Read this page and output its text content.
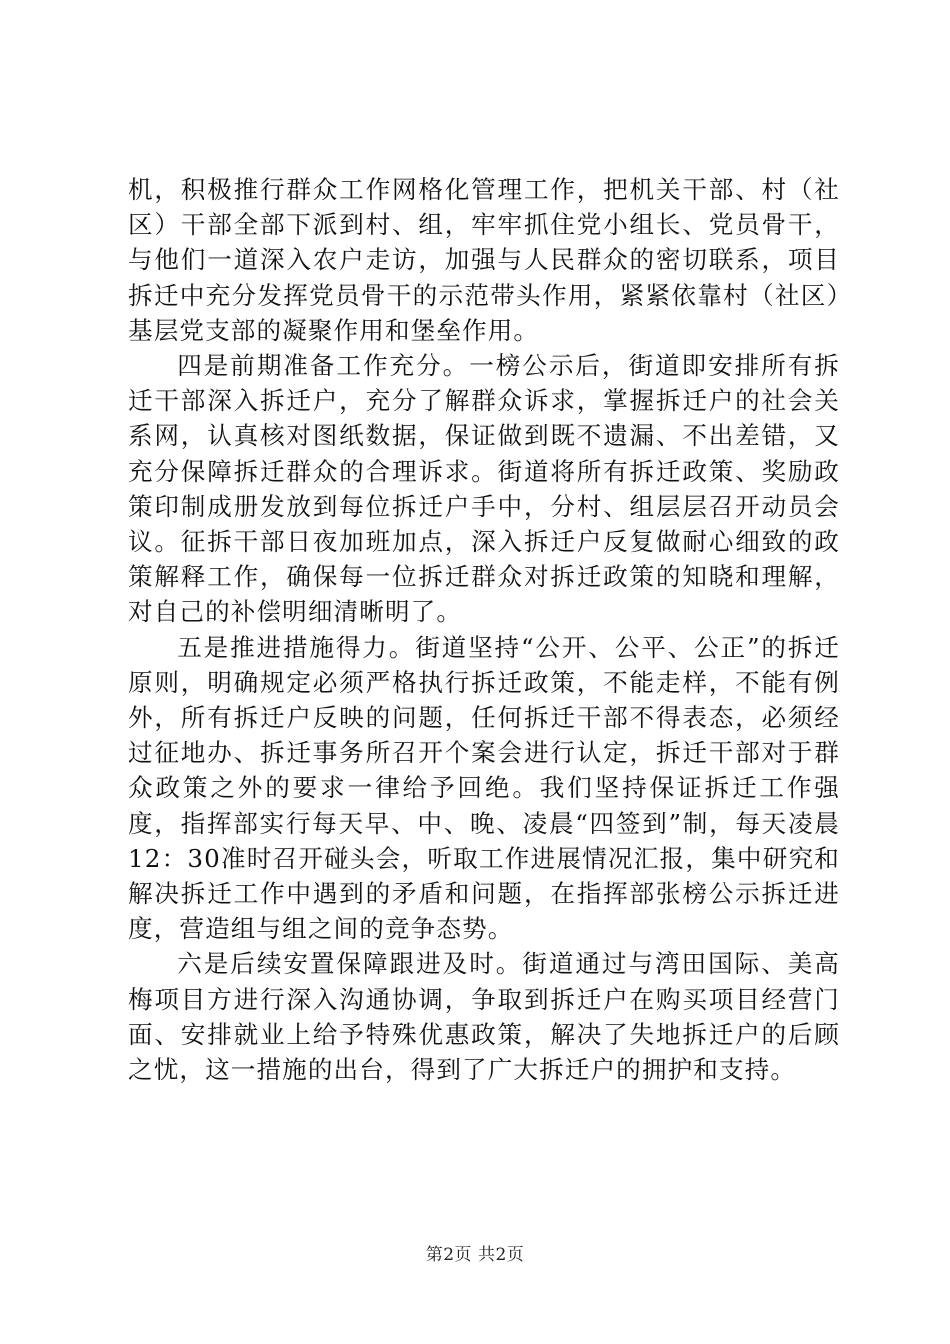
机，积极推行群众工作网格化管理工作，把机关干部、村（社区）干部全部下派到村、组，牢牢抓住党小组长、党员骨干，与他们一道深入农户走访，加强与人民群众的密切联系，项目拆迁中充分发挥党员骨干的示范带头作用，紧紧依靠村（社区）基层党支部的凝聚作用和堡垒作用。

四是前期准备工作充分。一榜公示后，街道即安排所有拆迁干部深入拆迁户，充分了解群众诉求，掌握拆迁户的社会关系网，认真核对图纸数据，保证做到既不遗漏、不出差错，又充分保障拆迁群众的合理诉求。街道将所有拆迁政策、奖励政策印制成册发放到每位拆迁户手中，分村、组层层召开动员会议。征拆干部日夜加班加点，深入拆迁户反复做耐心细致的政策解释工作，确保每一位拆迁群众对拆迁政策的知晓和理解，对自己的补偿明细清晰明了。

五是推进措施得力。街道坚持“公开、公平、公正”的拆迁原则，明确规定必须严格执行拆迁政策，不能走样，不能有例外，所有拆迁户反映的问题，任何拆迁干部不得表态，必须经过征地办、拆迁事务所召开个案会进行认定，拆迁干部对于群众政策之外的要求一律给予回绝。我们坚持保证拆迁工作强度，指挥部实行每天早、中、晚、凌晨“四签到”制，每天凌晨12：30准时召开碰头会，听取工作进展情况汇报，集中研究和解决拆迁工作中遇到的矛盾和问题，在指挥部张榜公示拆迁进度，营造组与组之间的竞争态势。

六是后续安置保障跟进及时。街道通过与湾田国际、美高梅项目方进行深入沟通协调，争取到拆迁户在购买项目经营门面、安排就业上给予特殊优惠政策，解决了失地拆迁户的后顾之忧，这一措施的出台，得到了广大拆迁户的拥护和支持。

第2页 共2页
